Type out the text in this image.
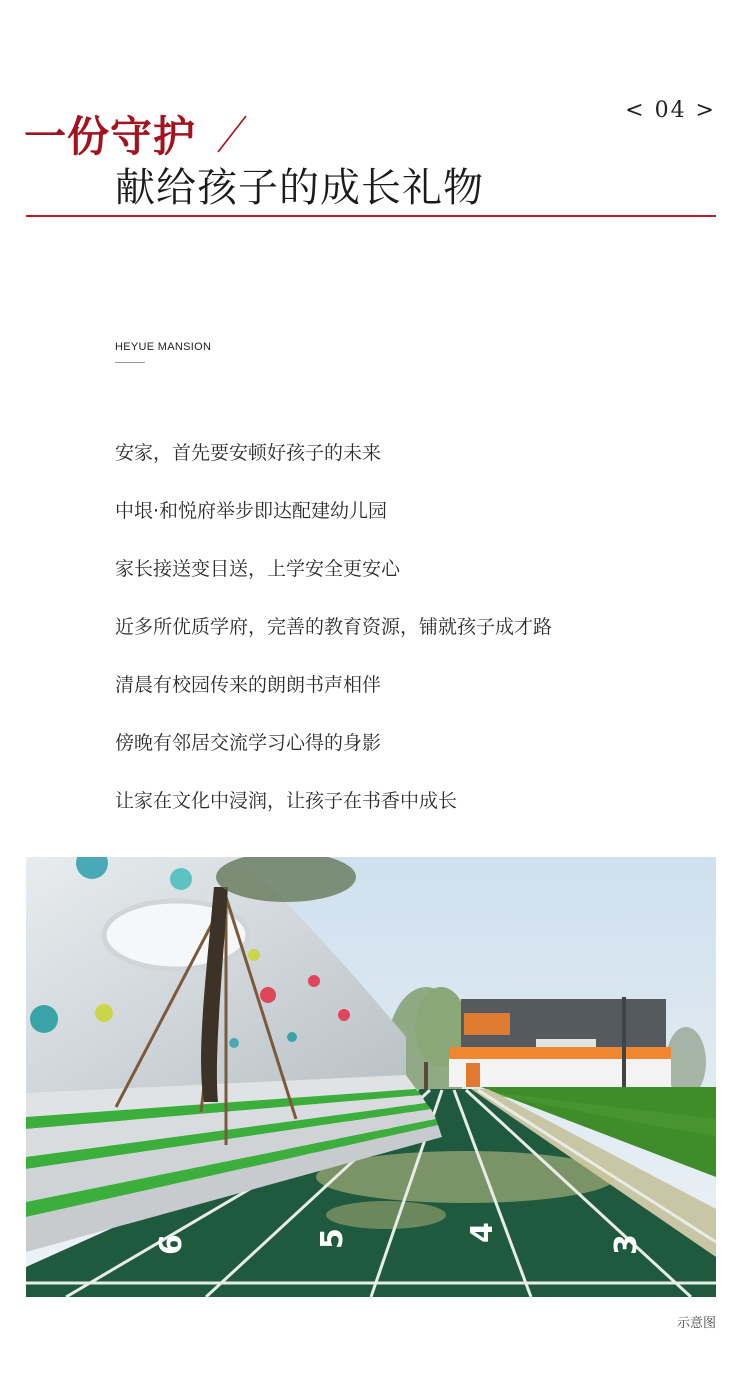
一份守护
< 04 >
献给孩子的成长礼物
HEYUE MANSION
安家，首先要安顿好孩子的未来
中垠·和悦府举步即达配建幼儿园
家长接送变目送，上学安全更安心
近多所优质学府，完善的教育资源，铺就孩子成才路
清晨有校园传来的朗朗书声相伴
傍晚有邻居交流学习心得的身影
让家在文化中浸润，让孩子在书香中成长
6	5	4
3
示意图
